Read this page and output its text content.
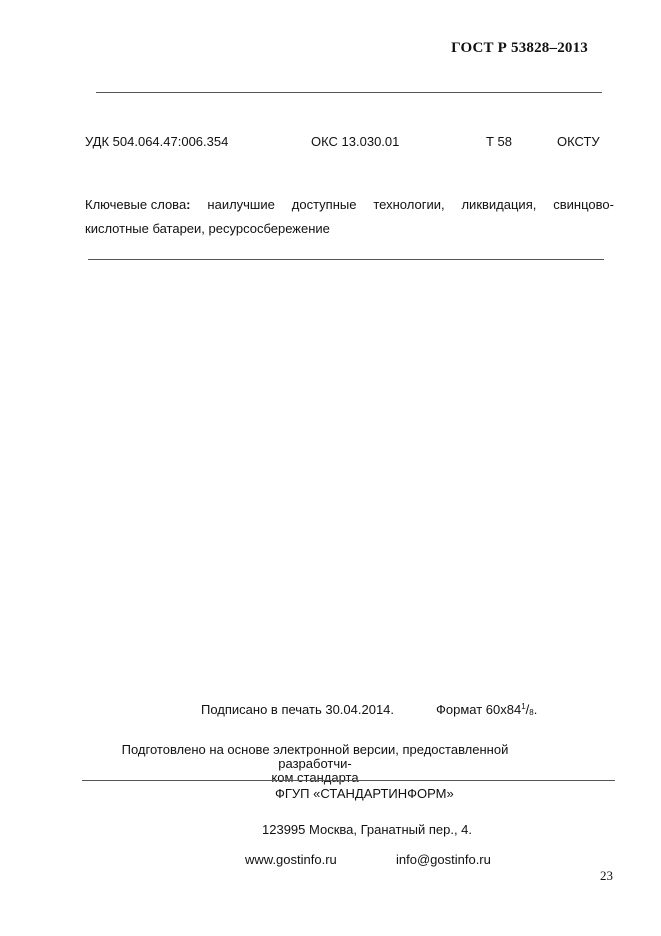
ГОСТ Р 53828–2013
УДК 504.064.47:006.354	ОКС 13.030.01	Т 58	ОКСТУ
Ключевые слова: наилучшие доступные технологии, ликвидация, свинцово-
кислотные батареи, ресурсосбережение
Подписано в печать 30.04.2014.	Формат $60x84^1/8$.
Подготовлено на основе электронной версии, предоставленной разработчи-
ком стандарта
ФГУП «СТАНДАРТИНФОРМ»
123995 Москва, Гранатный пер., 4.
www.gostinfo.ru	info@gostinfo.ru
23
